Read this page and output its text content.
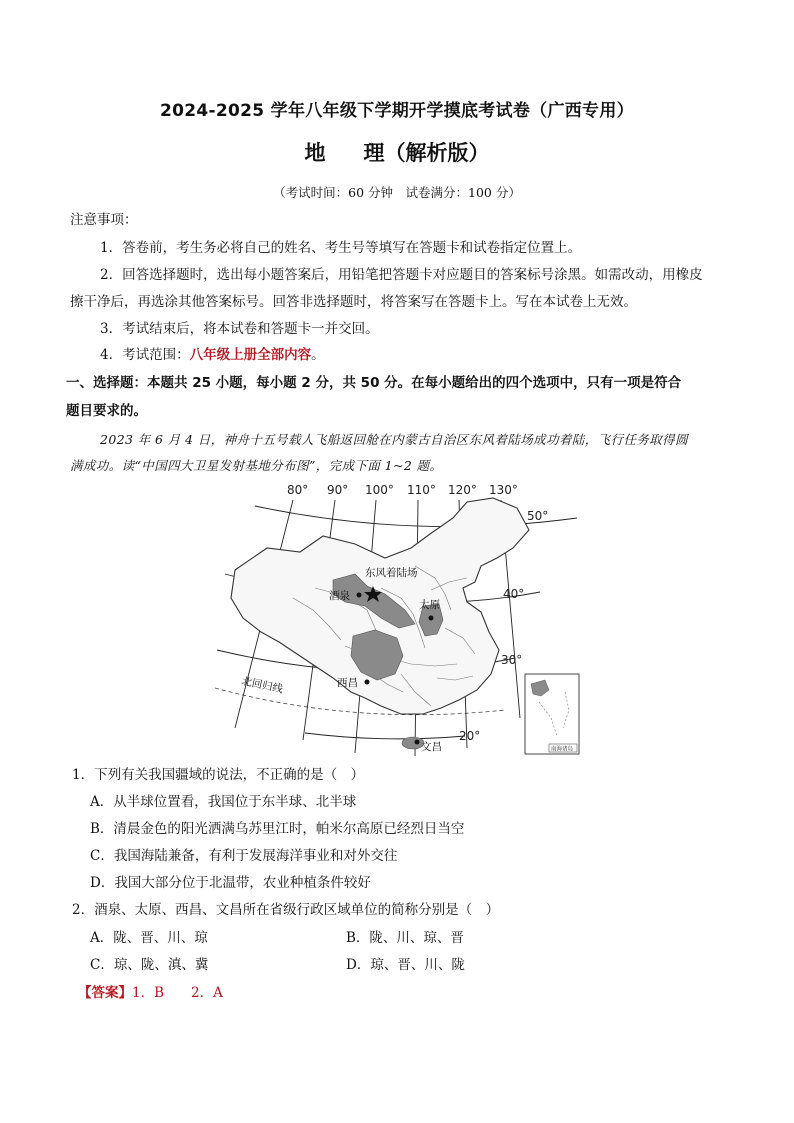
2024-2025 学年八年级下学期开学摸底考试卷（广西专用）
地 理（解析版）
（考试时间：60 分钟　试卷满分：100 分）
注意事项：
1．答卷前，考生务必将自己的姓名、考生号等填写在答题卡和试卷指定位置上。
2．回答选择题时，选出每小题答案后，用铅笔把答题卡对应题目的答案标号涂黑。如需改动，用橡皮
擦干净后，再选涂其他答案标号。回答非选择题时，将答案写在答题卡上。写在本试卷上无效。
3．考试结束后，将本试卷和答题卡一并交回。
4．考试范围：八年级上册全部内容。
一、选择题：本题共 25 小题，每小题 2 分，共 50 分。在每小题给出的四个选项中，只有一项是符合
题目要求的。
2023 年 6 月 4 日，神舟十五号载人飞船返回舱在内蒙古自治区东风着陆场成功着陆，飞行任务取得圆
满成功。读“中国四大卫星发射基地分布图”，完成下面 1~2 题。
80° 90° 100° 110° 120° 130°
50°
40°
30°
20°
北回归线
东风着陆场
酒泉
太原
西昌
文昌	南海诸岛
1．下列有关我国疆域的说法，不正确的是（　）
A．从半球位置看，我国位于东半球、北半球
B．清晨金色的阳光洒满乌苏里江时，帕米尔高原已经烈日当空
C．我国海陆兼备，有利于发展海洋事业和对外交往
D．我国大部分位于北温带，农业种植条件较好
2．酒泉、太原、西昌、文昌所在省级行政区域单位的简称分别是（　）
A．陇、晋、川、琼	B．陇、川、琼、晋
C．琼、陇、滇、冀	D．琼、晋、川、陇
【答案】1．B　　2．A
